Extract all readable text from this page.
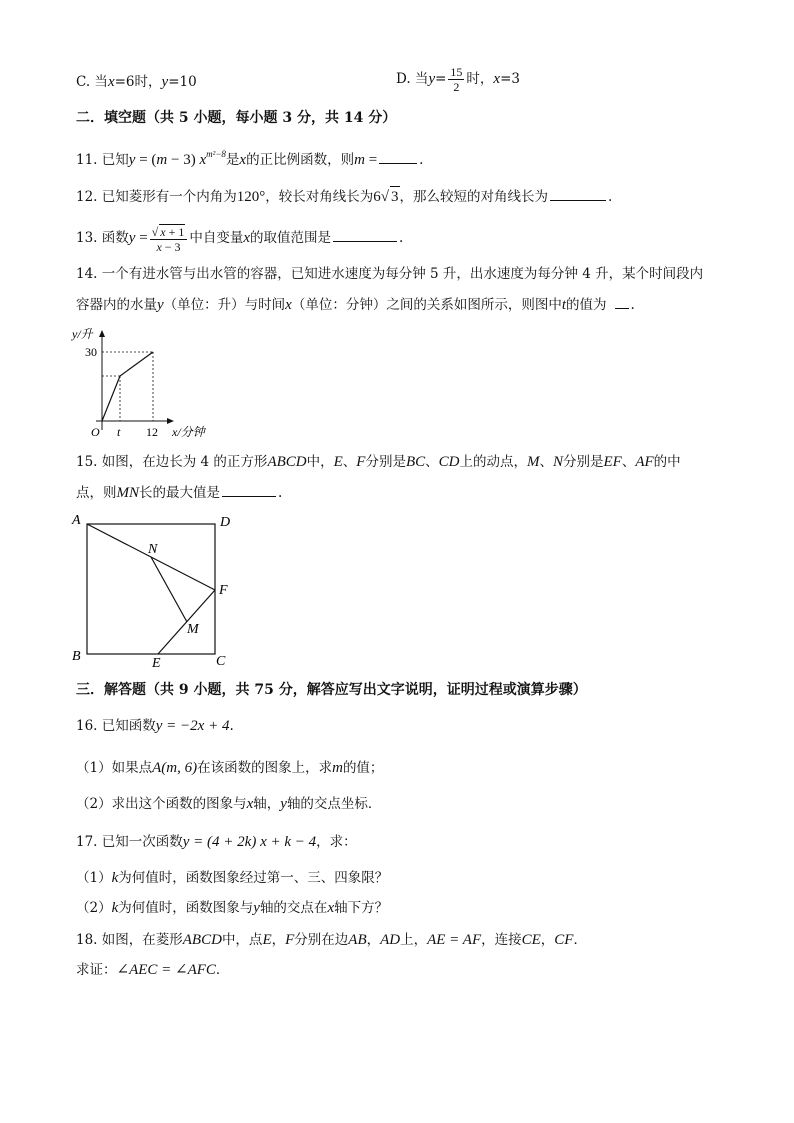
C. 当x=6时，y=10	D. 当$y= \frac{15}{2}$ 时，x=3
二．填空题（共 5 小题，每小题 3 分，共 14 分）
11. 已知y = (m − 3) $x^{m^2-8}$是x的正比例函数，则m =	.
12. 已知菱形有一个内角为120°，较长对角线长为6√ 3，那么较短的对角线长为	.
13. 函数$y = \frac{√ x + 1}{x - 3}$ 中自变量x的取值范围是	.
14. 一个有进水管与出水管的容器，已知进水速度为每分钟 5 升，出水速度为每分钟 4 升，某个时间段内
容器内的水量y（单位：升）与时间x（单位：分钟）之间的关系如图所示，则图中t的值为 .
y/升
30
O t 12 x/分钟
15. 如图，在边长为 4 的正方形ABCD中，E、F分别是BC、CD上的动点，M、N分别是EF、AF的中
点，则MN长的最大值是	.
A	D
N
F
M
B	E	C
三．解答题（共 9 小题，共 75 分，解答应写出文字说明，证明过程或演算步骤）
16. 已知函数y = −2x + 4.
（1）如果点A(m, 6)在该函数的图象上，求m的值；
（2）求出这个函数的图象与x轴，y轴的交点坐标．
17. 已知一次函数y = (4 + 2k) x + k − 4，求：
（1）k为何值时，函数图象经过第一、三、四象限？
（2）k为何值时，函数图象与y轴的交点在x轴下方？
18. 如图，在菱形ABCD中，点E，F分别在边AB，AD上，AE = AF，连接CE，CF．
求证：∠AEC = ∠AFC．
